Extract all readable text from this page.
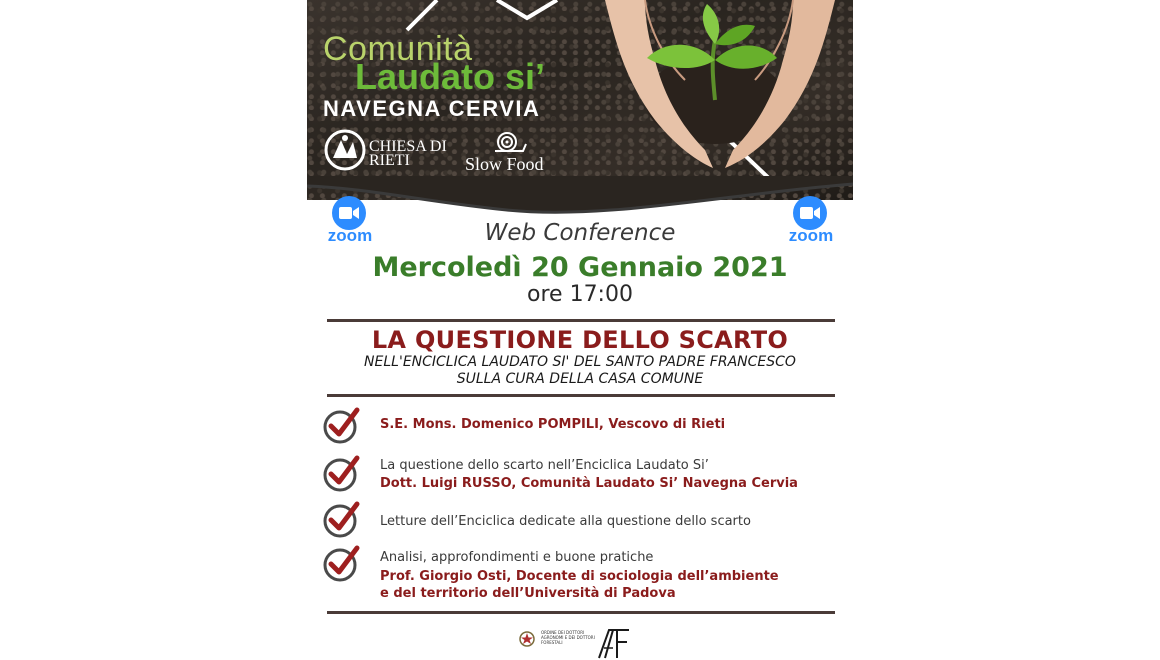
Comunità
Laudato si’
NAVEGNA CERVIA
CHIESA DI RIETI	Slow Food
zoom	zoom
Web Conference
Mercoledì 20 Gennaio 2021
ore 17:00
LA QUESTIONE DELLO SCARTO
NELL'ENCICLICA LAUDATO SI' DEL SANTO PADRE FRANCESCO
SULLA CURA DELLA CASA COMUNE
S.E. Mons. Domenico POMPILI, Vescovo di Rieti
La questione dello scarto nell’Enciclica Laudato Si’
Dott. Luigi RUSSO, Comunità Laudato Si’ Navegna Cervia
Letture dell’Enciclica dedicate alla questione dello scarto
Analisi, approfondimenti e buone pratiche
Prof. Giorgio Osti, Docente di sociologia dell’ambiente
e del territorio dell’Università di Padova
ORDINE DEI DOTTORI AGRONOMI E DEI DOTTORI FORESTALI
